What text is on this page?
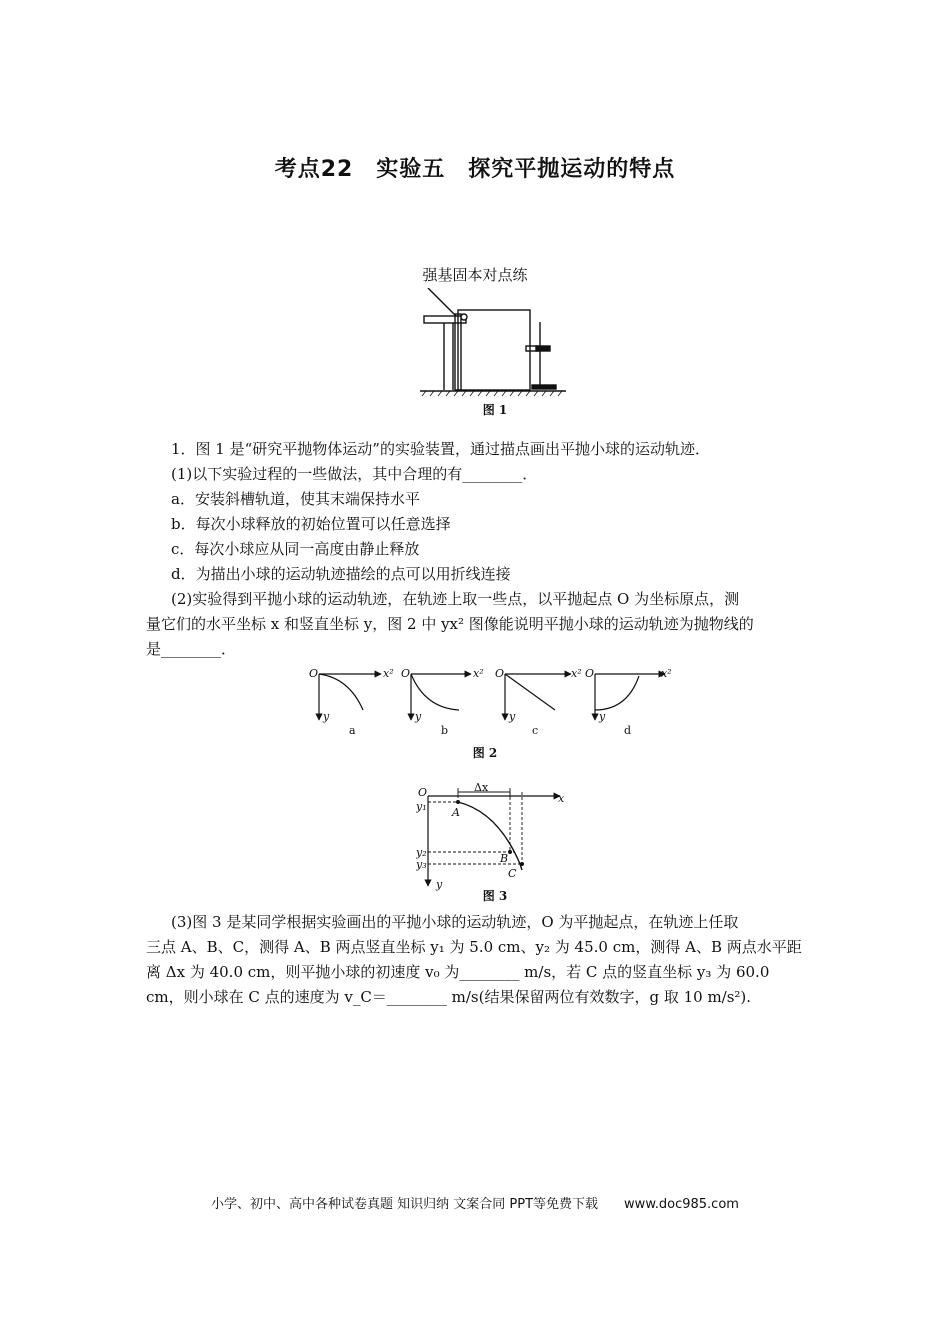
考点22　实验五　探究平抛运动的特点
强基固本对点练
图 1
1．图 1 是“研究平抛物体运动”的实验装置，通过描点画出平抛小球的运动轨迹．
(1)以下实验过程的一些做法，其中合理的有________．
a．安装斜槽轨道，使其末端保持水平
b．每次小球释放的初始位置可以任意选择
c．每次小球应从同一高度由静止释放
d．为描出小球的运动轨迹描绘的点可以用折线连接
(2)实验得到平抛小球的运动轨迹，在轨迹上取一些点，以平抛起点 O 为坐标原点，测
量它们的水平坐标 x 和竖直坐标 y，图 2 中 yx² 图像能说明平抛小球的运动轨迹为抛物线的
是________．
O	x²
y
a
O	x²
y
b
O	x²
y
c
O	x²
y
d
图 2
O	x
y
Δx
y₁
y₂
y₃
A
B
C
图 3
(3)图 3 是某同学根据实验画出的平抛小球的运动轨迹，O 为平抛起点，在轨迹上任取
三点 A、B、C，测得 A、B 两点竖直坐标 y₁ 为 5.0 cm、y₂ 为 45.0 cm，测得 A、B 两点水平距
离 Δx 为 40.0 cm，则平抛小球的初速度 v₀ 为________ m/s，若 C 点的竖直坐标 y₃ 为 60.0
cm，则小球在 C 点的速度为 v_C＝________ m/s(结果保留两位有效数字，g 取 10 m/s²).
小学、初中、高中各种试卷真题 知识归纳 文案合同 PPT等免费下载　　www.doc985.com
